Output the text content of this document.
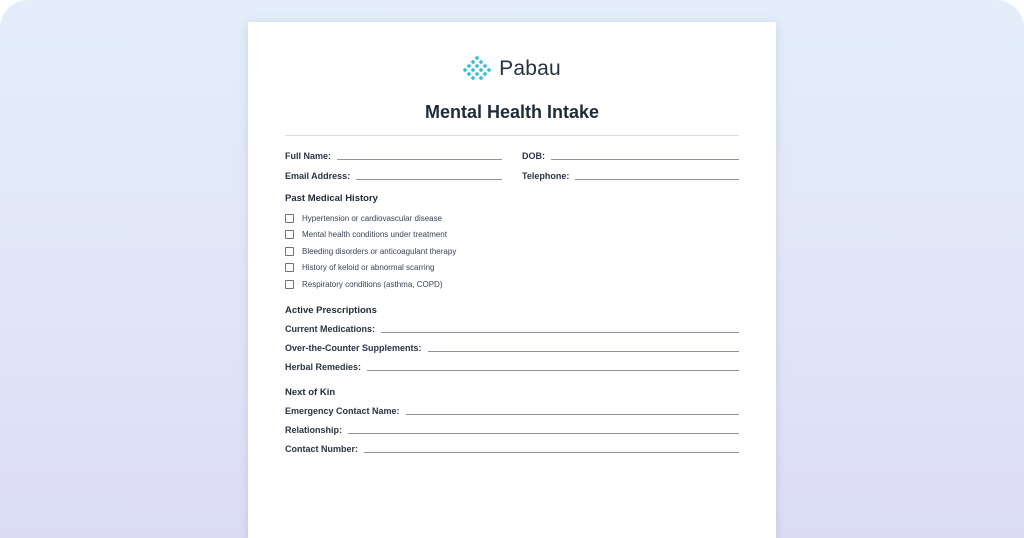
Pabau
Mental Health Intake
Full Name:	DOB:
Email Address:	Telephone:
Past Medical History
Hypertension or cardiovascular disease
Mental health conditions under treatment
Bleeding disorders or anticoagulant therapy
History of keloid or abnormal scarring
Respiratory conditions (asthma, COPD)
Active Prescriptions
Current Medications:
Over-the-Counter Supplements:
Herbal Remedies:
Next of Kin
Emergency Contact Name:
Relationship:
Contact Number:
